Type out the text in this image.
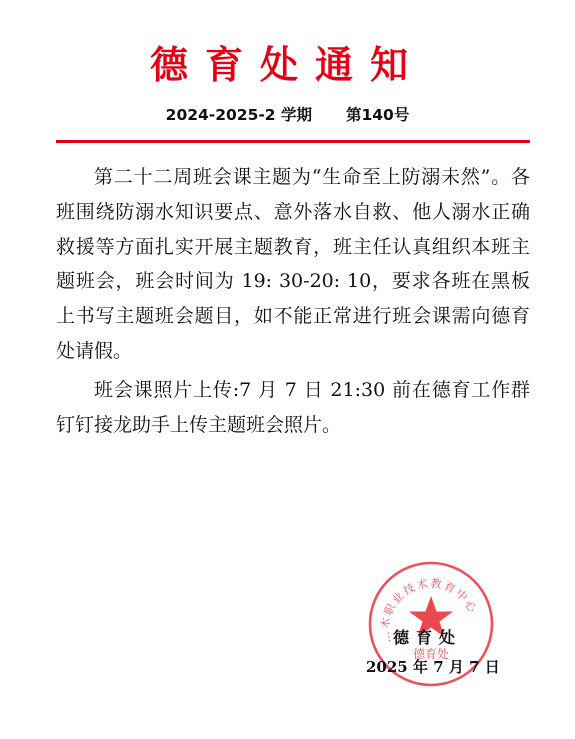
德育处通知
2024-2025-2 学期 第140号

第二十二周班会课主题为“生命至上防溺未然”。各班围绕防溺水知识要点、意外落水自救、他人溺水正确救援等方面扎实开展主题教育，班主任认真组织本班主题班会，班会时间为 19: 30-20: 10，要求各班在黑板上书写主题班会题目，如不能正常进行班会课需向德育处请假。

班会课照片上传:7 月 7 日 21:30 前在德育工作群钉钉接龙助手上传主题班会照片。

…木职业技术教育中心
德育处
德育处
2025 年 7 月 7 日
